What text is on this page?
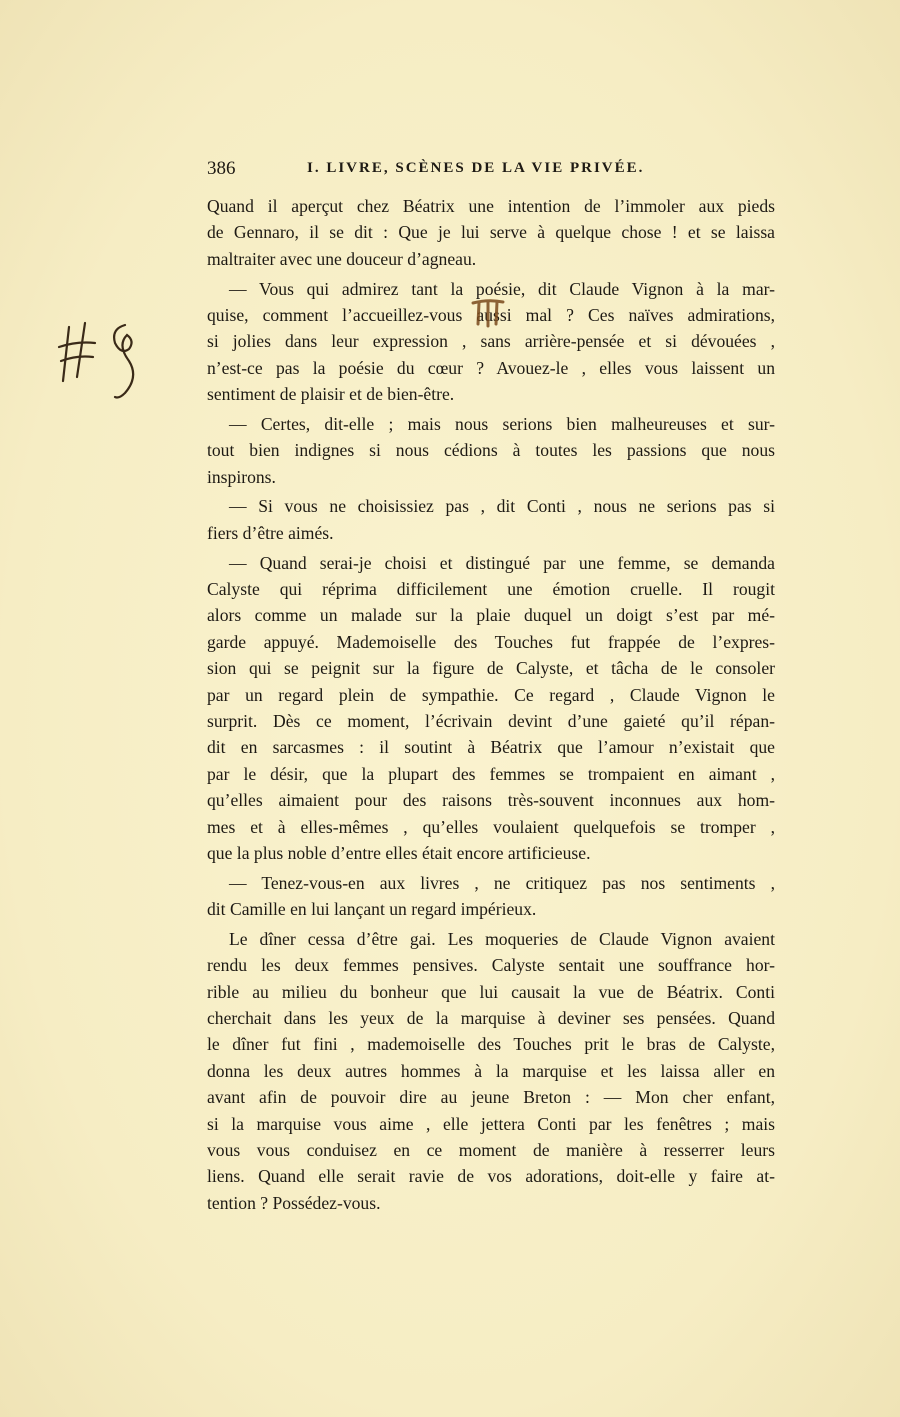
386	I. LIVRE, SCÈNES DE LA VIE PRIVÉE.
Quand il aperçut chez Béatrix une intention de l’immoler aux pieds
de Gennaro, il se dit : Que je lui serve à quelque chose ! et se laissa
maltraiter avec une douceur d’agneau.
— Vous qui admirez tant la poésie, dit Claude Vignon à la mar-
quise, comment l’accueillez-vous aussi mal ? Ces naïves admirations,
si jolies dans leur expression , sans arrière-pensée et si dévouées ,
n’est-ce pas la poésie du cœur ? Avouez-le , elles vous laissent un
sentiment de plaisir et de bien-être.
— Certes, dit-elle ; mais nous serions bien malheureuses et sur-
tout bien indignes si nous cédions à toutes les passions que nous
inspirons.
— Si vous ne choisissiez pas , dit Conti , nous ne serions pas si
fiers d’être aimés.
— Quand serai-je choisi et distingué par une femme, se demanda
Calyste qui réprima difficilement une émotion cruelle. Il rougit
alors comme un malade sur la plaie duquel un doigt s’est par mé-
garde appuyé. Mademoiselle des Touches fut frappée de l’expres-
sion qui se peignit sur la figure de Calyste, et tâcha de le consoler
par un regard plein de sympathie. Ce regard , Claude Vignon le
surprit. Dès ce moment, l’écrivain devint d’une gaieté qu’il répan-
dit en sarcasmes : il soutint à Béatrix que l’amour n’existait que
par le désir, que la plupart des femmes se trompaient en aimant ,
qu’elles aimaient pour des raisons très-souvent inconnues aux hom-
mes et à elles-mêmes , qu’elles voulaient quelquefois se tromper ,
que la plus noble d’entre elles était encore artificieuse.
— Tenez-vous-en aux livres , ne critiquez pas nos sentiments ,
dit Camille en lui lançant un regard impérieux.
Le dîner cessa d’être gai. Les moqueries de Claude Vignon avaient
rendu les deux femmes pensives. Calyste sentait une souffrance hor-
rible au milieu du bonheur que lui causait la vue de Béatrix. Conti
cherchait dans les yeux de la marquise à deviner ses pensées. Quand
le dîner fut fini , mademoiselle des Touches prit le bras de Calyste,
donna les deux autres hommes à la marquise et les laissa aller en
avant afin de pouvoir dire au jeune Breton : — Mon cher enfant,
si la marquise vous aime , elle jettera Conti par les fenêtres ; mais
vous vous conduisez en ce moment de manière à resserrer leurs
liens. Quand elle serait ravie de vos adorations, doit-elle y faire at-
tention ? Possédez-vous.
